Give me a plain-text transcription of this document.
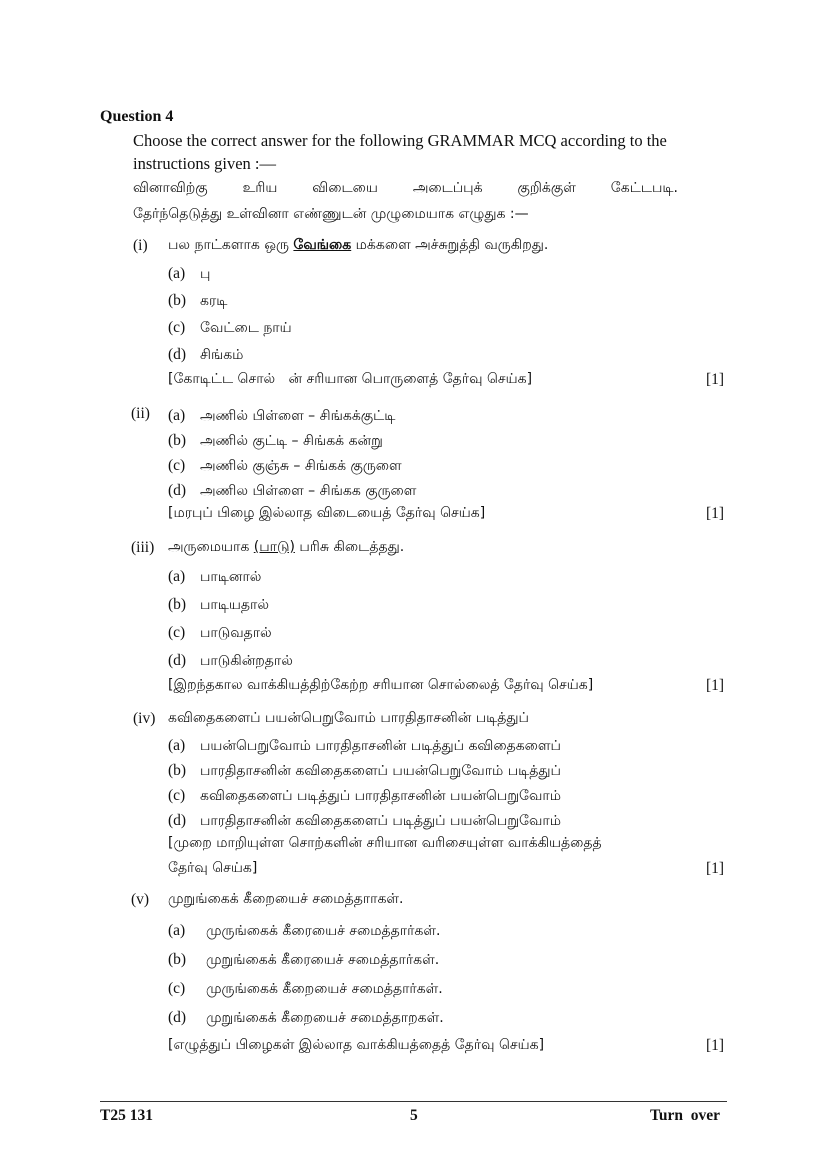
Question 4
Choose the correct answer for the following GRAMMAR MCQ according to the
instructions given :—
வினாவிற்கு உரிய விடையை அடைப்புக் குறிக்குள் கேட்டபடி.
தேர்ந்தெடுத்து உள்வினா எண்ணுடன் முழுமையாக எழுதுக :—
(i) பல நாட்களாக ஒரு வேங்கை மக்களை அச்சுறுத்தி வருகிறது.
(a) பு
(b) கரடி
(c) வேட்டை நாய்
(d) சிங்கம்
[கோடிட்ட சொல்   ன் சரியான பொருளைத் தேர்வு செய்க]	[1]
(ii) (a) அணில் பிள்ளை – சிங்கக்குட்டி
(b) அணில் குட்டி – சிங்கக் கன்று
(c) அணில் குஞ்சு – சிங்கக் குருளை
(d) அணில பிள்ளை – சிங்கக குருளை
[மரபுப் பிழை இல்லாத விடையைத் தேர்வு செய்க]	[1]
(iii) அருமையாக (பாடு) பரிசு கிடைத்தது.
(a) பாடினால்
(b) பாடியதால்
(c) பாடுவதால்
(d) பாடுகின்றதால்
[இறந்தகால வாக்கியத்திற்கேற்ற சரியான சொல்லைத் தேர்வு செய்க]	[1]
(iv) கவிதைகளைப் பயன்பெறுவோம் பாரதிதாசனின் படித்துப்
(a) பயன்பெறுவோம் பாரதிதாசனின் படித்துப் கவிதைகளைப்
(b) பாரதிதாசனின் கவிதைகளைப் பயன்பெறுவோம் படித்துப்
(c) கவிதைகளைப் படித்துப் பாரதிதாசனின் பயன்பெறுவோம்
(d) பாரதிதாசனின் கவிதைகளைப் படித்துப் பயன்பெறுவோம்
[முறை மாறியுள்ள சொற்களின் சரியான வரிசையுள்ள வாக்கியத்தைத்
தேர்வு செய்க]	[1]
(v) முறுங்கைக் கீறையைச் சமைத்தாாகள்.
(a) முருங்கைக் கீரையைச் சமைத்தார்கள்.
(b) முறுங்கைக் கீரையைச் சமைத்தார்கள்.
(c) முருங்கைக் கீறையைச் சமைத்தார்கள்.
(d) முறுங்கைக் கீறையைச் சமைத்தாறகள்.
[எழுத்துப் பிழைகள் இல்லாத வாக்கியத்தைத் தேர்வு செய்க]	[1]
T25 131	5	Turn  over
